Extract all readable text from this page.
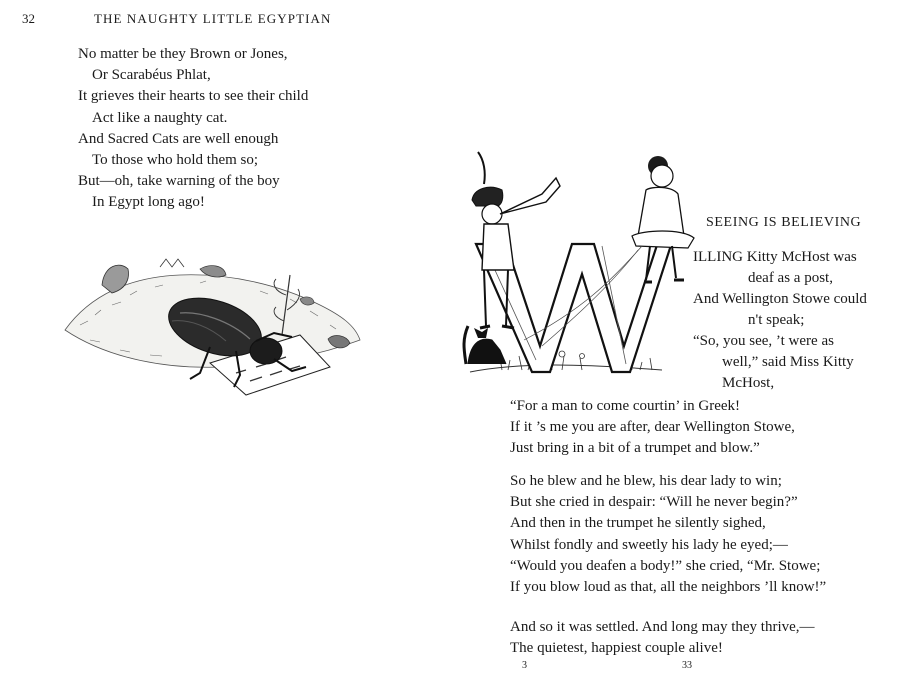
32	THE NAUGHTY LITTLE EGYPTIAN
No matter be they Brown or Jones,
Or Scarabéus Phlat,
It grieves their hearts to see their child
Act like a naughty cat.
And Sacred Cats are well enough
To those who hold them so;
But—oh, take warning of the boy
In Egypt long ago!
SEEING IS BELIEVING
W
ILLING Kitty McHost was
deaf as a post,
And Wellington Stowe could
n't speak;
“So, you see, ’t were as
well,” said Miss Kitty
McHost,
“For a man to come courtin’ in Greek!
If it ’s me you are after, dear Wellington Stowe,
Just bring in a bit of a trumpet and blow.”
So he blew and he blew, his dear lady to win;
But she cried in despair: “Will he never begin?”
And then in the trumpet he silently sighed,
Whilst fondly and sweetly his lady he eyed;—
“Would you deafen a body!” she cried, “Mr. Stowe;
If you blow loud as that, all the neighbors ’ll know!”
And so it was settled. And long may they thrive,—
The quietest, happiest couple alive!
3	33
